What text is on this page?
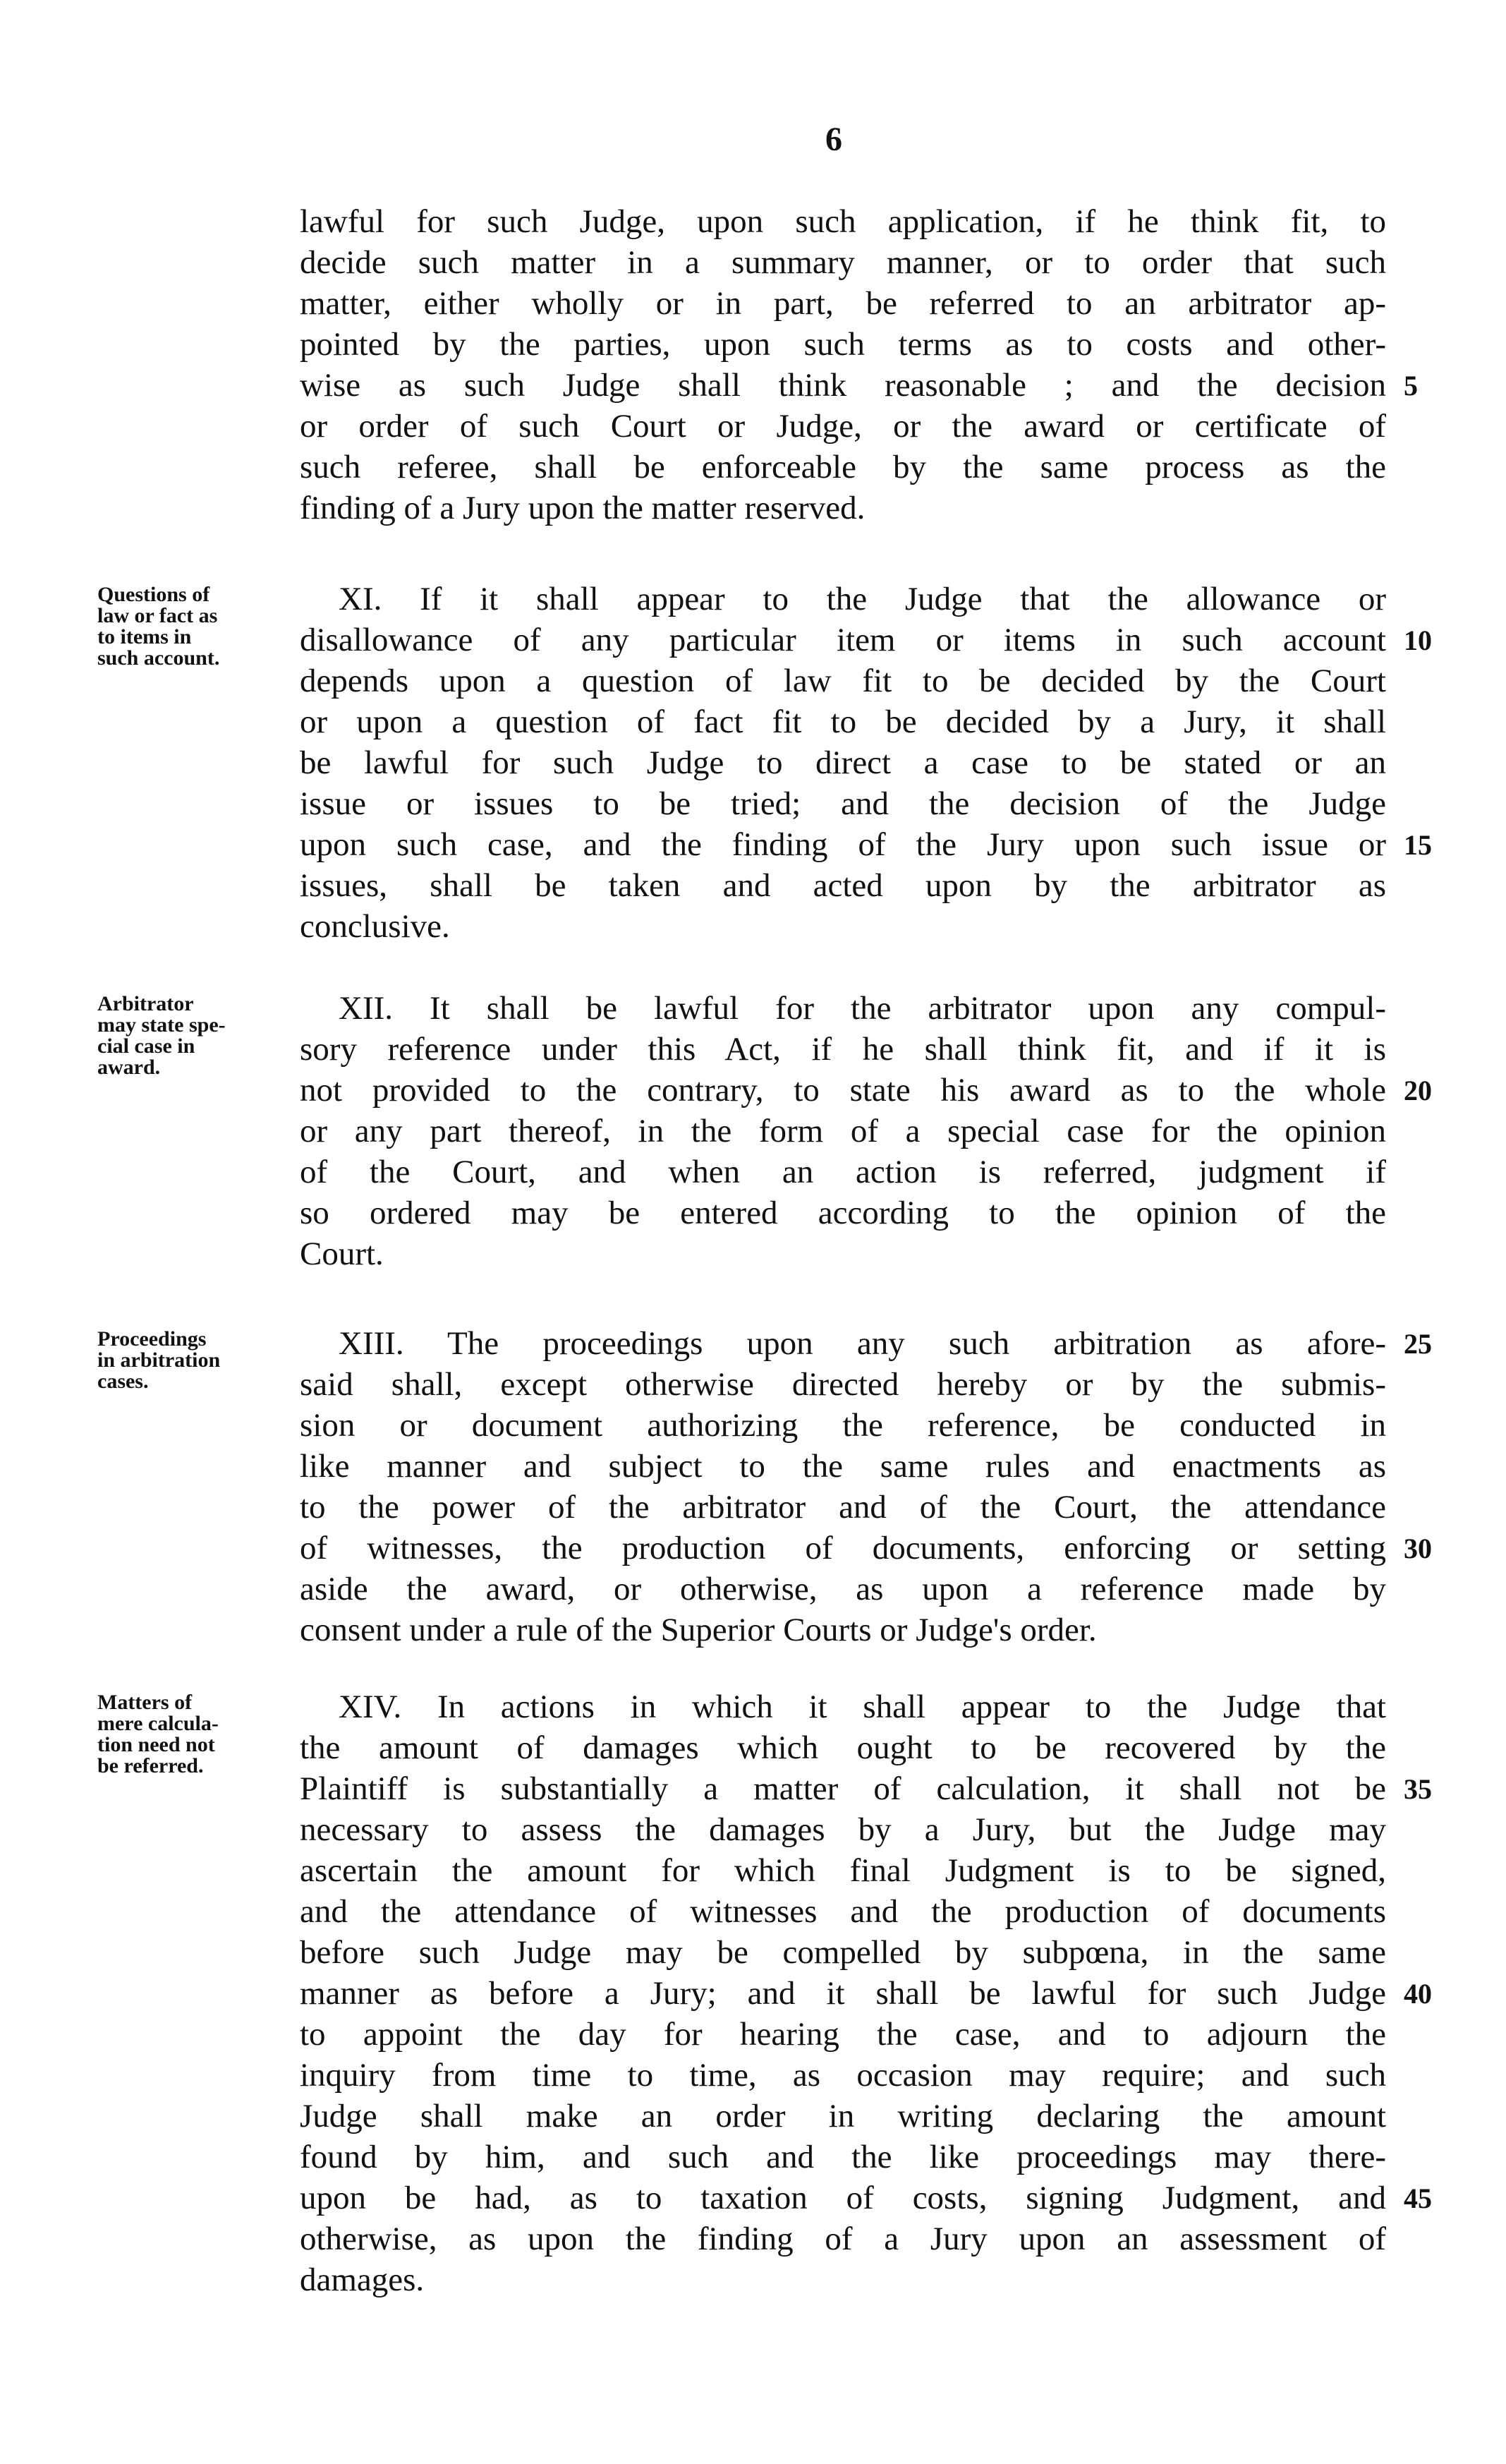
6
lawful for such Judge, upon such application, if he think fit, to
decide such matter in a summary manner, or to order that such
matter, either wholly or in part, be referred to an arbitrator ap-
pointed by the parties, upon such terms as to costs and other-
wise as such Judge shall think reasonable ; and the decision
or order of such Court or Judge, or the award or certificate of
such referee, shall be enforceable by the same process as the
finding of a Jury upon the matter reserved.
5
Questions of
law or fact as
to items in
such account.
XI. If it shall appear to the Judge that the allowance or
disallowance of any particular item or items in such account
depends upon a question of law fit to be decided by the Court
or upon a question of fact fit to be decided by a Jury, it shall
be lawful for such Judge to direct a case to be stated or an
issue or issues to be tried; and the decision of the Judge
upon such case, and the finding of the Jury upon such issue or
issues, shall be taken and acted upon by the arbitrator as
conclusive.
10
15
Arbitrator
may state spe-
cial case in
award.
XII. It shall be lawful for the arbitrator upon any compul-
sory reference under this Act, if he shall think fit, and if it is
not provided to the contrary, to state his award as to the whole
or any part thereof, in the form of a special case for the opinion
of the Court, and when an action is referred, judgment if
so ordered may be entered according to the opinion of the
Court.
20
Proceedings
in arbitration
cases.
XIII. The proceedings upon any such arbitration as afore-
said shall, except otherwise directed hereby or by the submis-
sion or document authorizing the reference, be conducted in
like manner and subject to the same rules and enactments as
to the power of the arbitrator and of the Court, the attendance
of witnesses, the production of documents, enforcing or setting
aside the award, or otherwise, as upon a reference made by
consent under a rule of the Superior Courts or Judge's order.
25
30
Matters of
mere calcula-
tion need not
be referred.
XIV. In actions in which it shall appear to the Judge that
the amount of damages which ought to be recovered by the
Plaintiff is substantially a matter of calculation, it shall not be
necessary to assess the damages by a Jury, but the Judge may
ascertain the amount for which final Judgment is to be signed,
and the attendance of witnesses and the production of documents
before such Judge may be compelled by subpœna, in the same
manner as before a Jury; and it shall be lawful for such Judge
to appoint the day for hearing the case, and to adjourn the
inquiry from time to time, as occasion may require; and such
Judge shall make an order in writing declaring the amount
found by him, and such and the like proceedings may there-
upon be had, as to taxation of costs, signing Judgment, and
otherwise, as upon the finding of a Jury upon an assessment of
damages.
35
40
45
